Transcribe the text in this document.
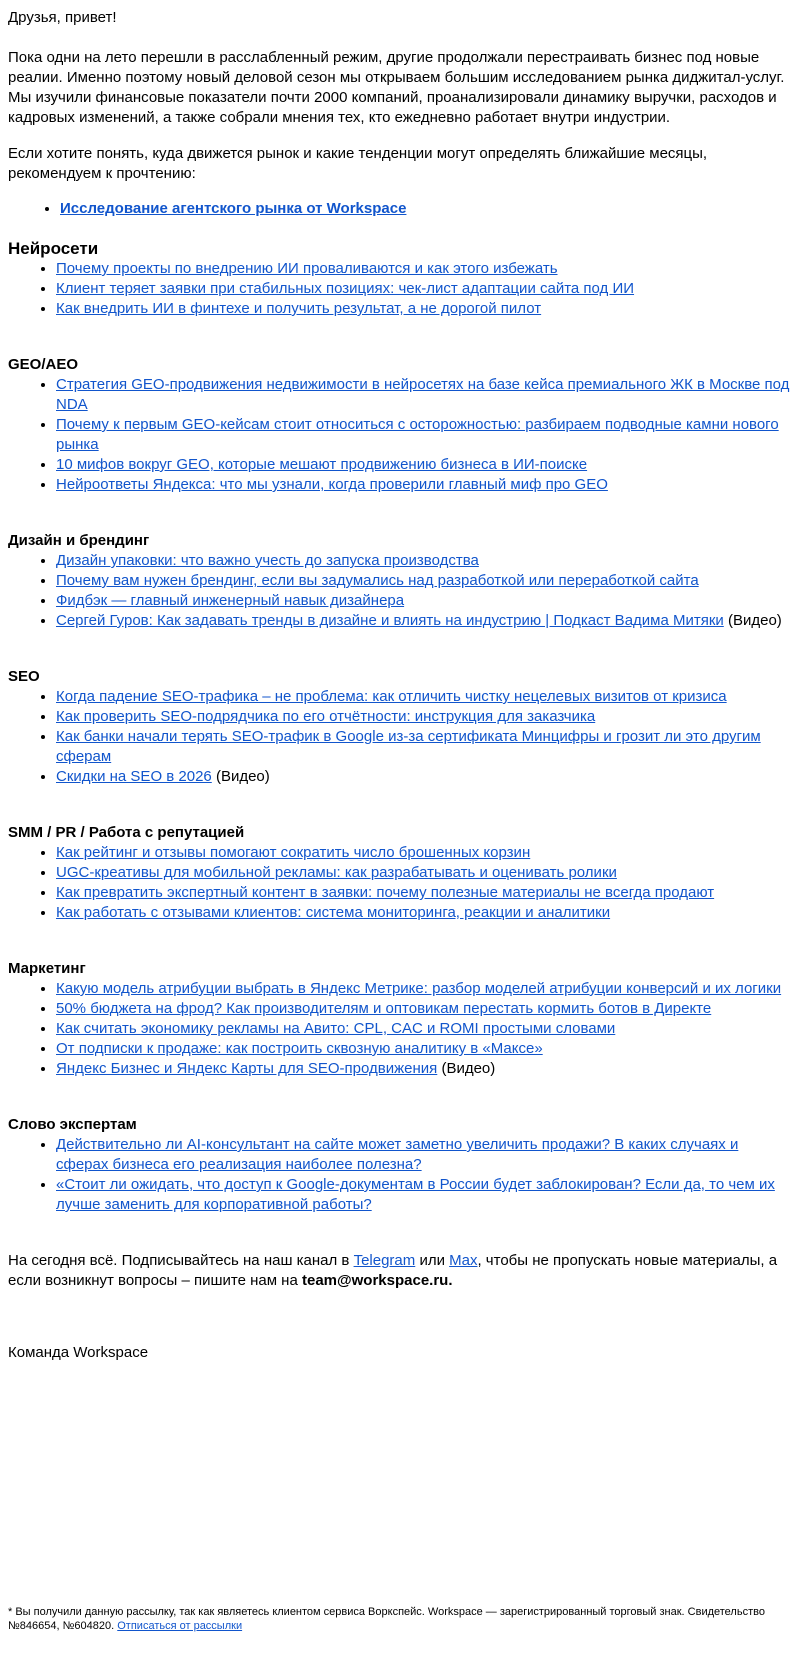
Друзья, привет!

Пока одни на лето перешли в расслабленный режим, другие продолжали перестраивать бизнес под новые реалии. Именно поэтому новый деловой сезон мы открываем большим исследованием рынка диджитал-услуг. Мы изучили финансовые показатели почти 2000 компаний, проанализировали динамику выручки, расходов и кадровых изменений, а также собрали мнения тех, кто ежедневно работает внутри индустрии.

Если хотите понять, куда движется рынок и какие тенденции могут определять ближайшие месяцы, рекомендуем к прочтению:

• Исследование агентского рынка от Workspace
Нейросети
• Почему проекты по внедрению ИИ проваливаются и как этого избежать
• Клиент теряет заявки при стабильных позициях: чек-лист адаптации сайта под ИИ
• Как внедрить ИИ в финтехе и получить результат, а не дорогой пилот
GEO/AEO
• Стратегия GEO-продвижения недвижимости в нейросетях на базе кейса премиального ЖК в Москве под NDA
• Почему к первым GEO-кейсам стоит относиться с осторожностью: разбираем подводные камни нового рынка
• 10 мифов вокруг GEO, которые мешают продвижению бизнеса в ИИ-поиске
• Нейроответы Яндекса: что мы узнали, когда проверили главный миф про GEO
Дизайн и брендинг
• Дизайн упаковки: что важно учесть до запуска производства
• Почему вам нужен брендинг, если вы задумались над разработкой или переработкой сайта
• Фидбэк — главный инженерный навык дизайнера
• Сергей Гуров: Как задавать тренды в дизайне и влиять на индустрию | Подкаст Вадима Митяки (Видео)
SEO
• Когда падение SEO-трафика – не проблема: как отличить чистку нецелевых визитов от кризиса
• Как проверить SEO-подрядчика по его отчётности: инструкция для заказчика
• Как банки начали терять SEO-трафик в Google из-за сертификата Минцифры и грозит ли это другим сферам
• Скидки на SEO в 2026 (Видео)
SMM / PR / Работа с репутацией
• Как рейтинг и отзывы помогают сократить число брошенных корзин
• UGC-креативы для мобильной рекламы: как разрабатывать и оценивать ролики
• Как превратить экспертный контент в заявки: почему полезные материалы не всегда продают
• Как работать с отзывами клиентов: система мониторинга, реакции и аналитики
Маркетинг
• Какую модель атрибуции выбрать в Яндекс Метрике: разбор моделей атрибуции конверсий и их логики
• 50% бюджета на фрод? Как производителям и оптовикам перестать кормить ботов в Директе
• Как считать экономику рекламы на Авито: CPL, CAC и ROMI простыми словами
• От подписки к продаже: как построить сквозную аналитику в «Максе»
• Яндекс Бизнес и Яндекс Карты для SEO-продвижения (Видео)
Слово экспертам
• Действительно ли AI-консультант на сайте может заметно увеличить продажи? В каких случаях и сферах бизнеса его реализация наиболее полезна?
• «Стоит ли ожидать, что доступ к Google-документам в России будет заблокирован? Если да, то чем их лучше заменить для корпоративной работы?

На сегодня всё. Подписывайтесь на наш канал в Telegram или Max, чтобы не пропускать новые материалы, а если возникнут вопросы – пишите нам на team@workspace.ru.

Команда Workspace

* Вы получили данную рассылку, так как являетесь клиентом сервиса Воркспейс. Workspace — зарегистрированный торговый знак. Свидетельство №846654, №604820. Отписаться от рассылки
